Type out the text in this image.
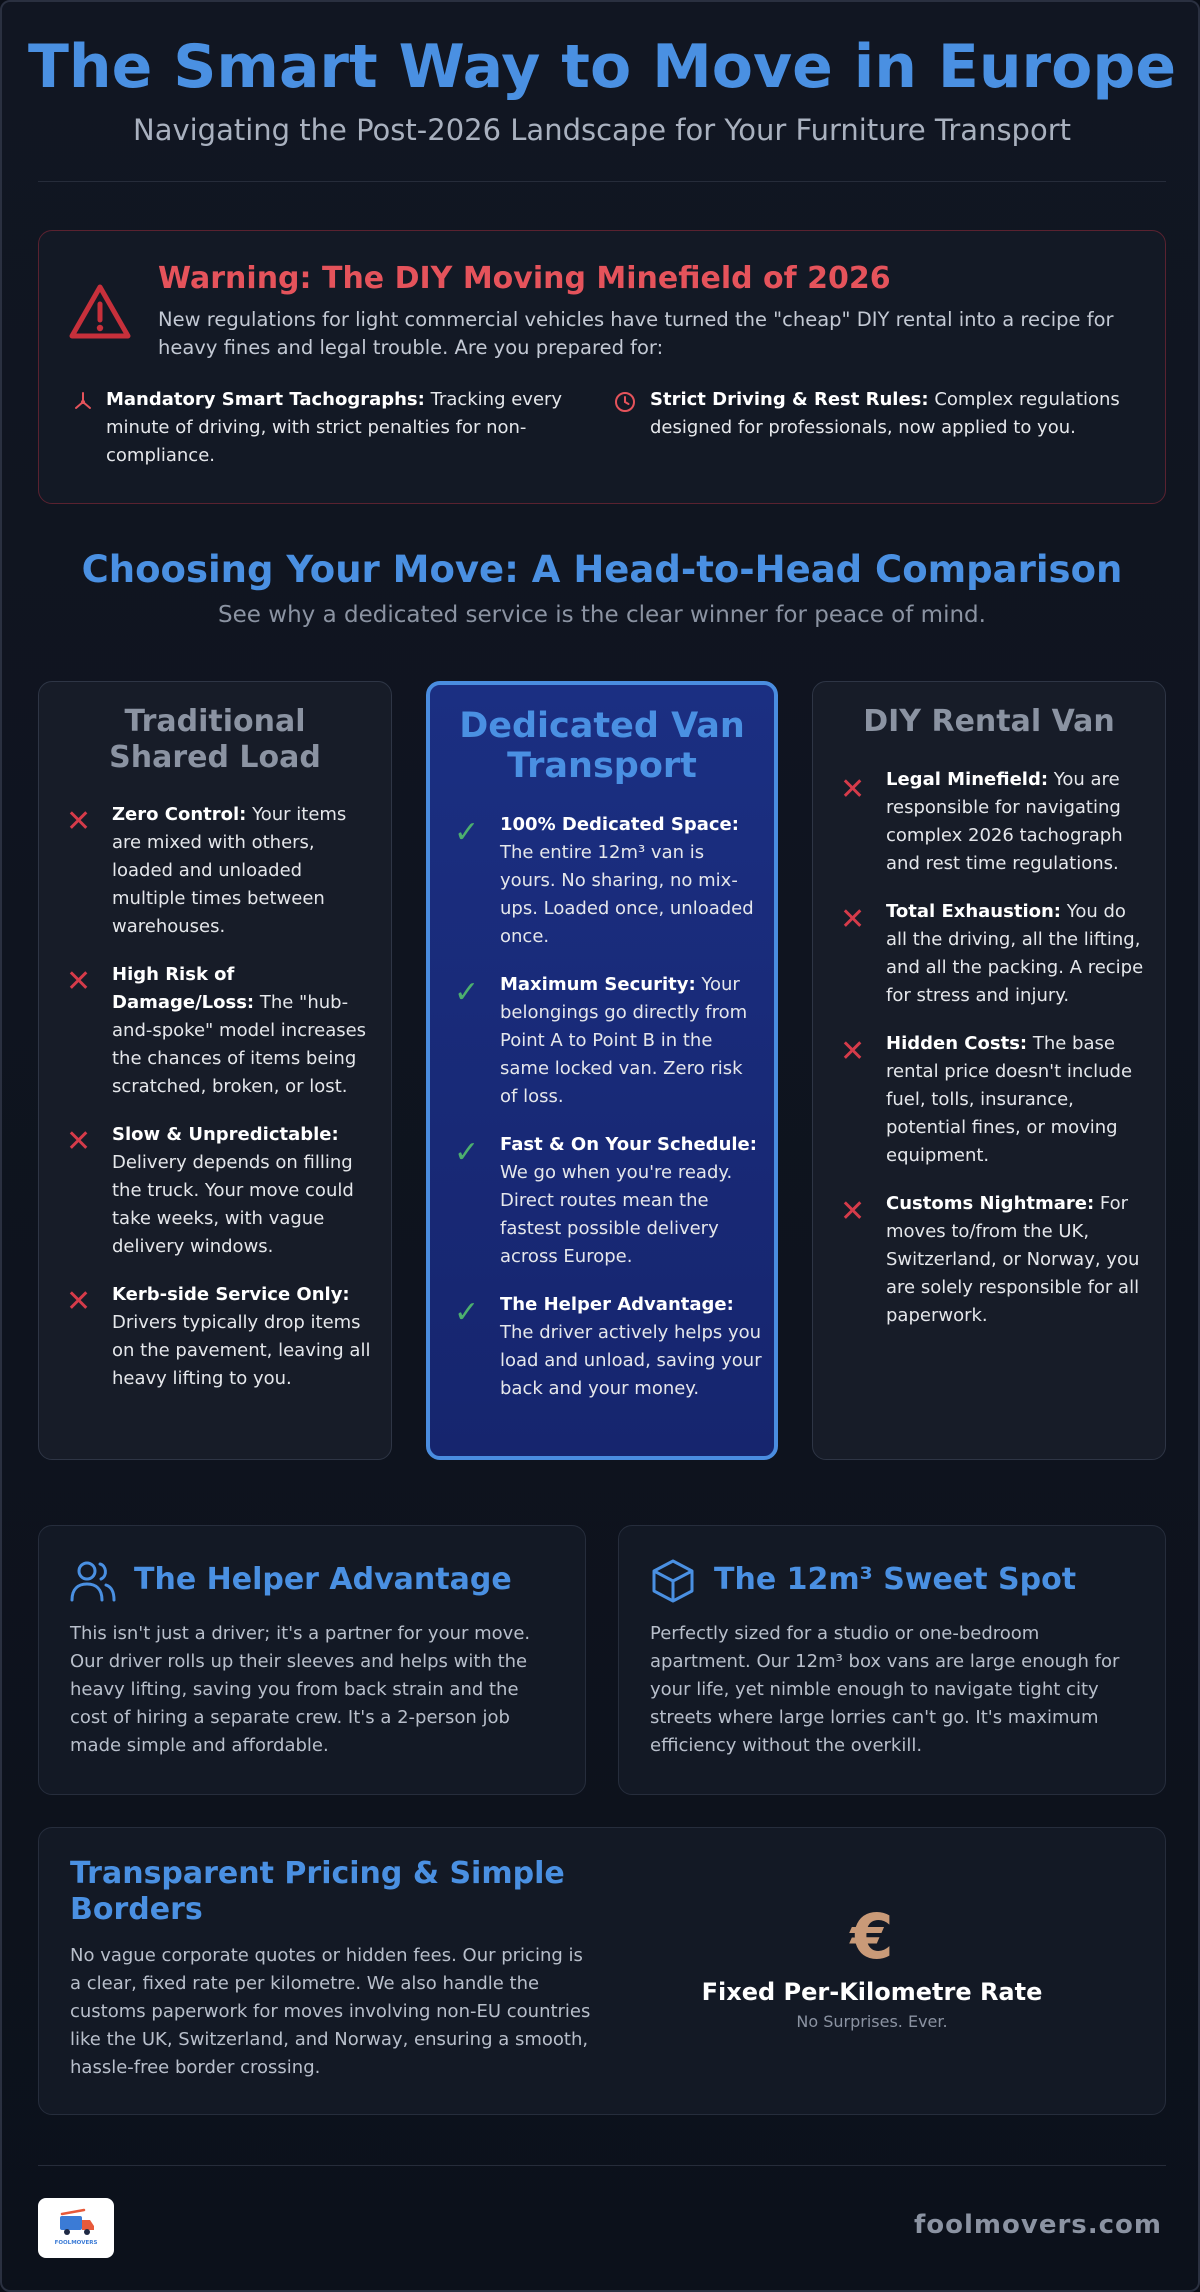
The Smart Way to Move in Europe
Navigating the Post-2026 Landscape for Your Furniture Transport
Warning: The DIY Moving Minefield of 2026
New regulations for light commercial vehicles have turned the "cheap" DIY rental into a recipe for heavy fines and legal trouble. Are you prepared for:
Mandatory Smart Tachographs: Tracking every minute of driving, with strict penalties for non-compliance.
Strict Driving & Rest Rules: Complex regulations designed for professionals, now applied to you.
Choosing Your Move: A Head-to-Head Comparison
See why a dedicated service is the clear winner for peace of mind.
Traditional
Shared Load
✕ Zero Control: Your items are mixed with others, loaded and unloaded multiple times between warehouses.
✕ High Risk of Damage/Loss: The "hub-and-spoke" model increases the chances of items being scratched, broken, or lost.
✕ Slow & Unpredictable: Delivery depends on filling the truck. Your move could take weeks, with vague delivery windows.
✕ Kerb-side Service Only: Drivers typically drop items on the pavement, leaving all heavy lifting to you.
Dedicated Van
Transport
✓ 100% Dedicated Space: The entire 12m³ van is yours. No sharing, no mix-ups. Loaded once, unloaded once.
✓ Maximum Security: Your belongings go directly from Point A to Point B in the same locked van. Zero risk of loss.
✓ Fast & On Your Schedule: We go when you're ready. Direct routes mean the fastest possible delivery across Europe.
✓ The Helper Advantage: The driver actively helps you load and unload, saving your back and your money.
DIY Rental Van
✕ Legal Minefield: You are responsible for navigating complex 2026 tachograph and rest time regulations.
✕ Total Exhaustion: You do all the driving, all the lifting, and all the packing. A recipe for stress and injury.
✕ Hidden Costs: The base rental price doesn't include fuel, tolls, insurance, potential fines, or moving equipment.
✕ Customs Nightmare: For moves to/from the UK, Switzerland, or Norway, you are solely responsible for all paperwork.
The Helper Advantage
This isn't just a driver; it's a partner for your move. Our driver rolls up their sleeves and helps with the heavy lifting, saving you from back strain and the cost of hiring a separate crew. It's a 2-person job made simple and affordable.
The 12m³ Sweet Spot
Perfectly sized for a studio or one-bedroom apartment. Our 12m³ box vans are large enough for your life, yet nimble enough to navigate tight city streets where large lorries can't go. It's maximum efficiency without the overkill.
Transparent Pricing & Simple
Borders
No vague corporate quotes or hidden fees. Our pricing is a clear, fixed rate per kilometre. We also handle the customs paperwork for moves involving non-EU countries like the UK, Switzerland, and Norway, ensuring a smooth, hassle-free border crossing.
€
Fixed Per-Kilometre Rate
No Surprises. Ever.
FOOLMOVERS
foolmovers.com
